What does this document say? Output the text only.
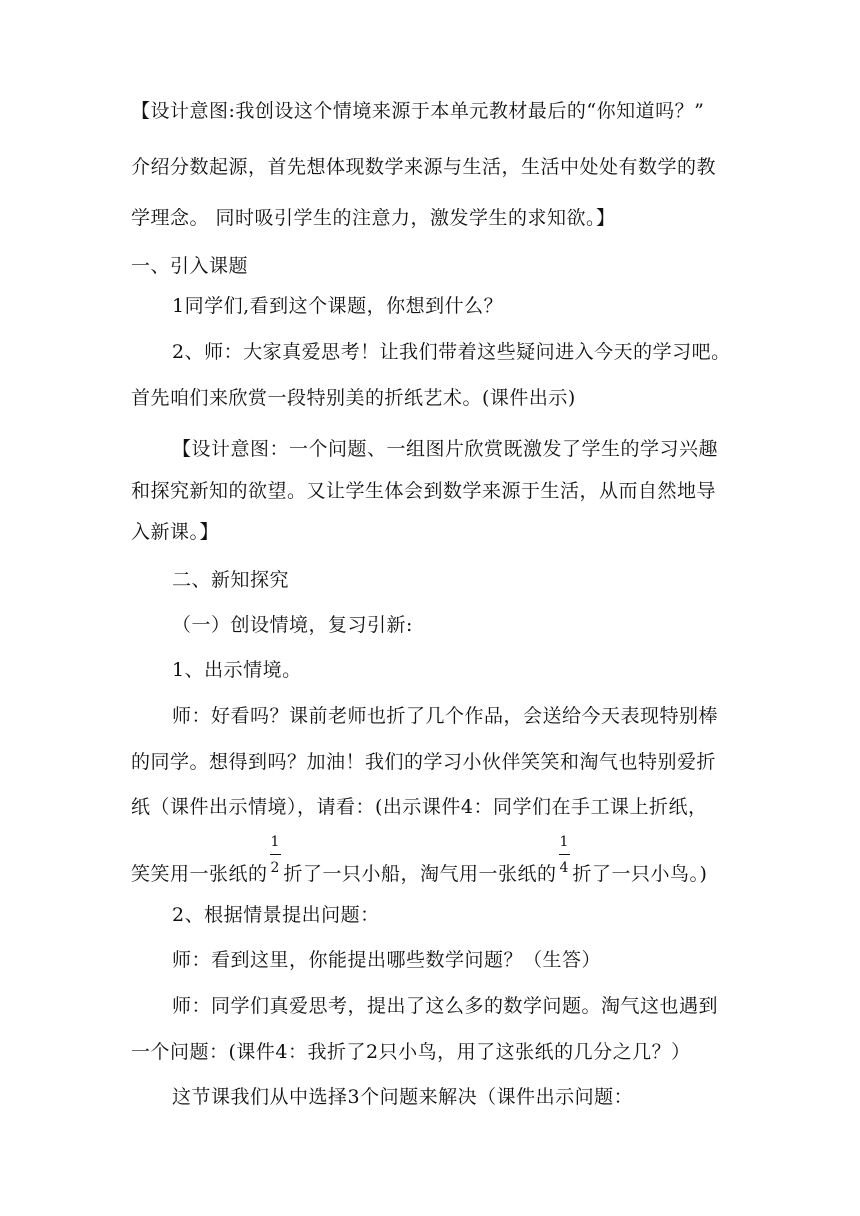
【设计意图:我创设这个情境来源于本单元教材最后的“你知道吗？”
介绍分数起源，首先想体现数学来源与生活，生活中处处有数学的教
学理念。 同时吸引学生的注意力，激发学生的求知欲。】
一、引入课题
1同学们,看到这个课题，你想到什么？
2、师：大家真爱思考！让我们带着这些疑问进入今天的学习吧。
首先咱们来欣赏一段特别美的折纸艺术。(课件出示)
【设计意图：一个问题、一组图片欣赏既激发了学生的学习兴趣
和探究新知的欲望。又让学生体会到数学来源于生活，从而自然地导
入新课。】
二、新知探究
（一）创设情境，复习引新:
1、出示情境。
师：好看吗？课前老师也折了几个作品，会送给今天表现特别棒
的同学。想得到吗？加油！我们的学习小伙伴笑笑和淘气也特别爱折
纸（课件出示情境），请看：(出示课件4：同学们在手工课上折纸，
笑笑用一张纸的 $\frac{1}{2}$ 折了一只小船，淘气用一张纸的 $\frac{1}{4}$ 折了一只小鸟。)
2、根据情景提出问题：
师：看到这里，你能提出哪些数学问题？（生答）
师：同学们真爱思考，提出了这么多的数学问题。淘气这也遇到
一个问题：(课件4：我折了2只小鸟，用了这张纸的几分之几？）
这节课我们从中选择3个问题来解决（课件出示问题：
